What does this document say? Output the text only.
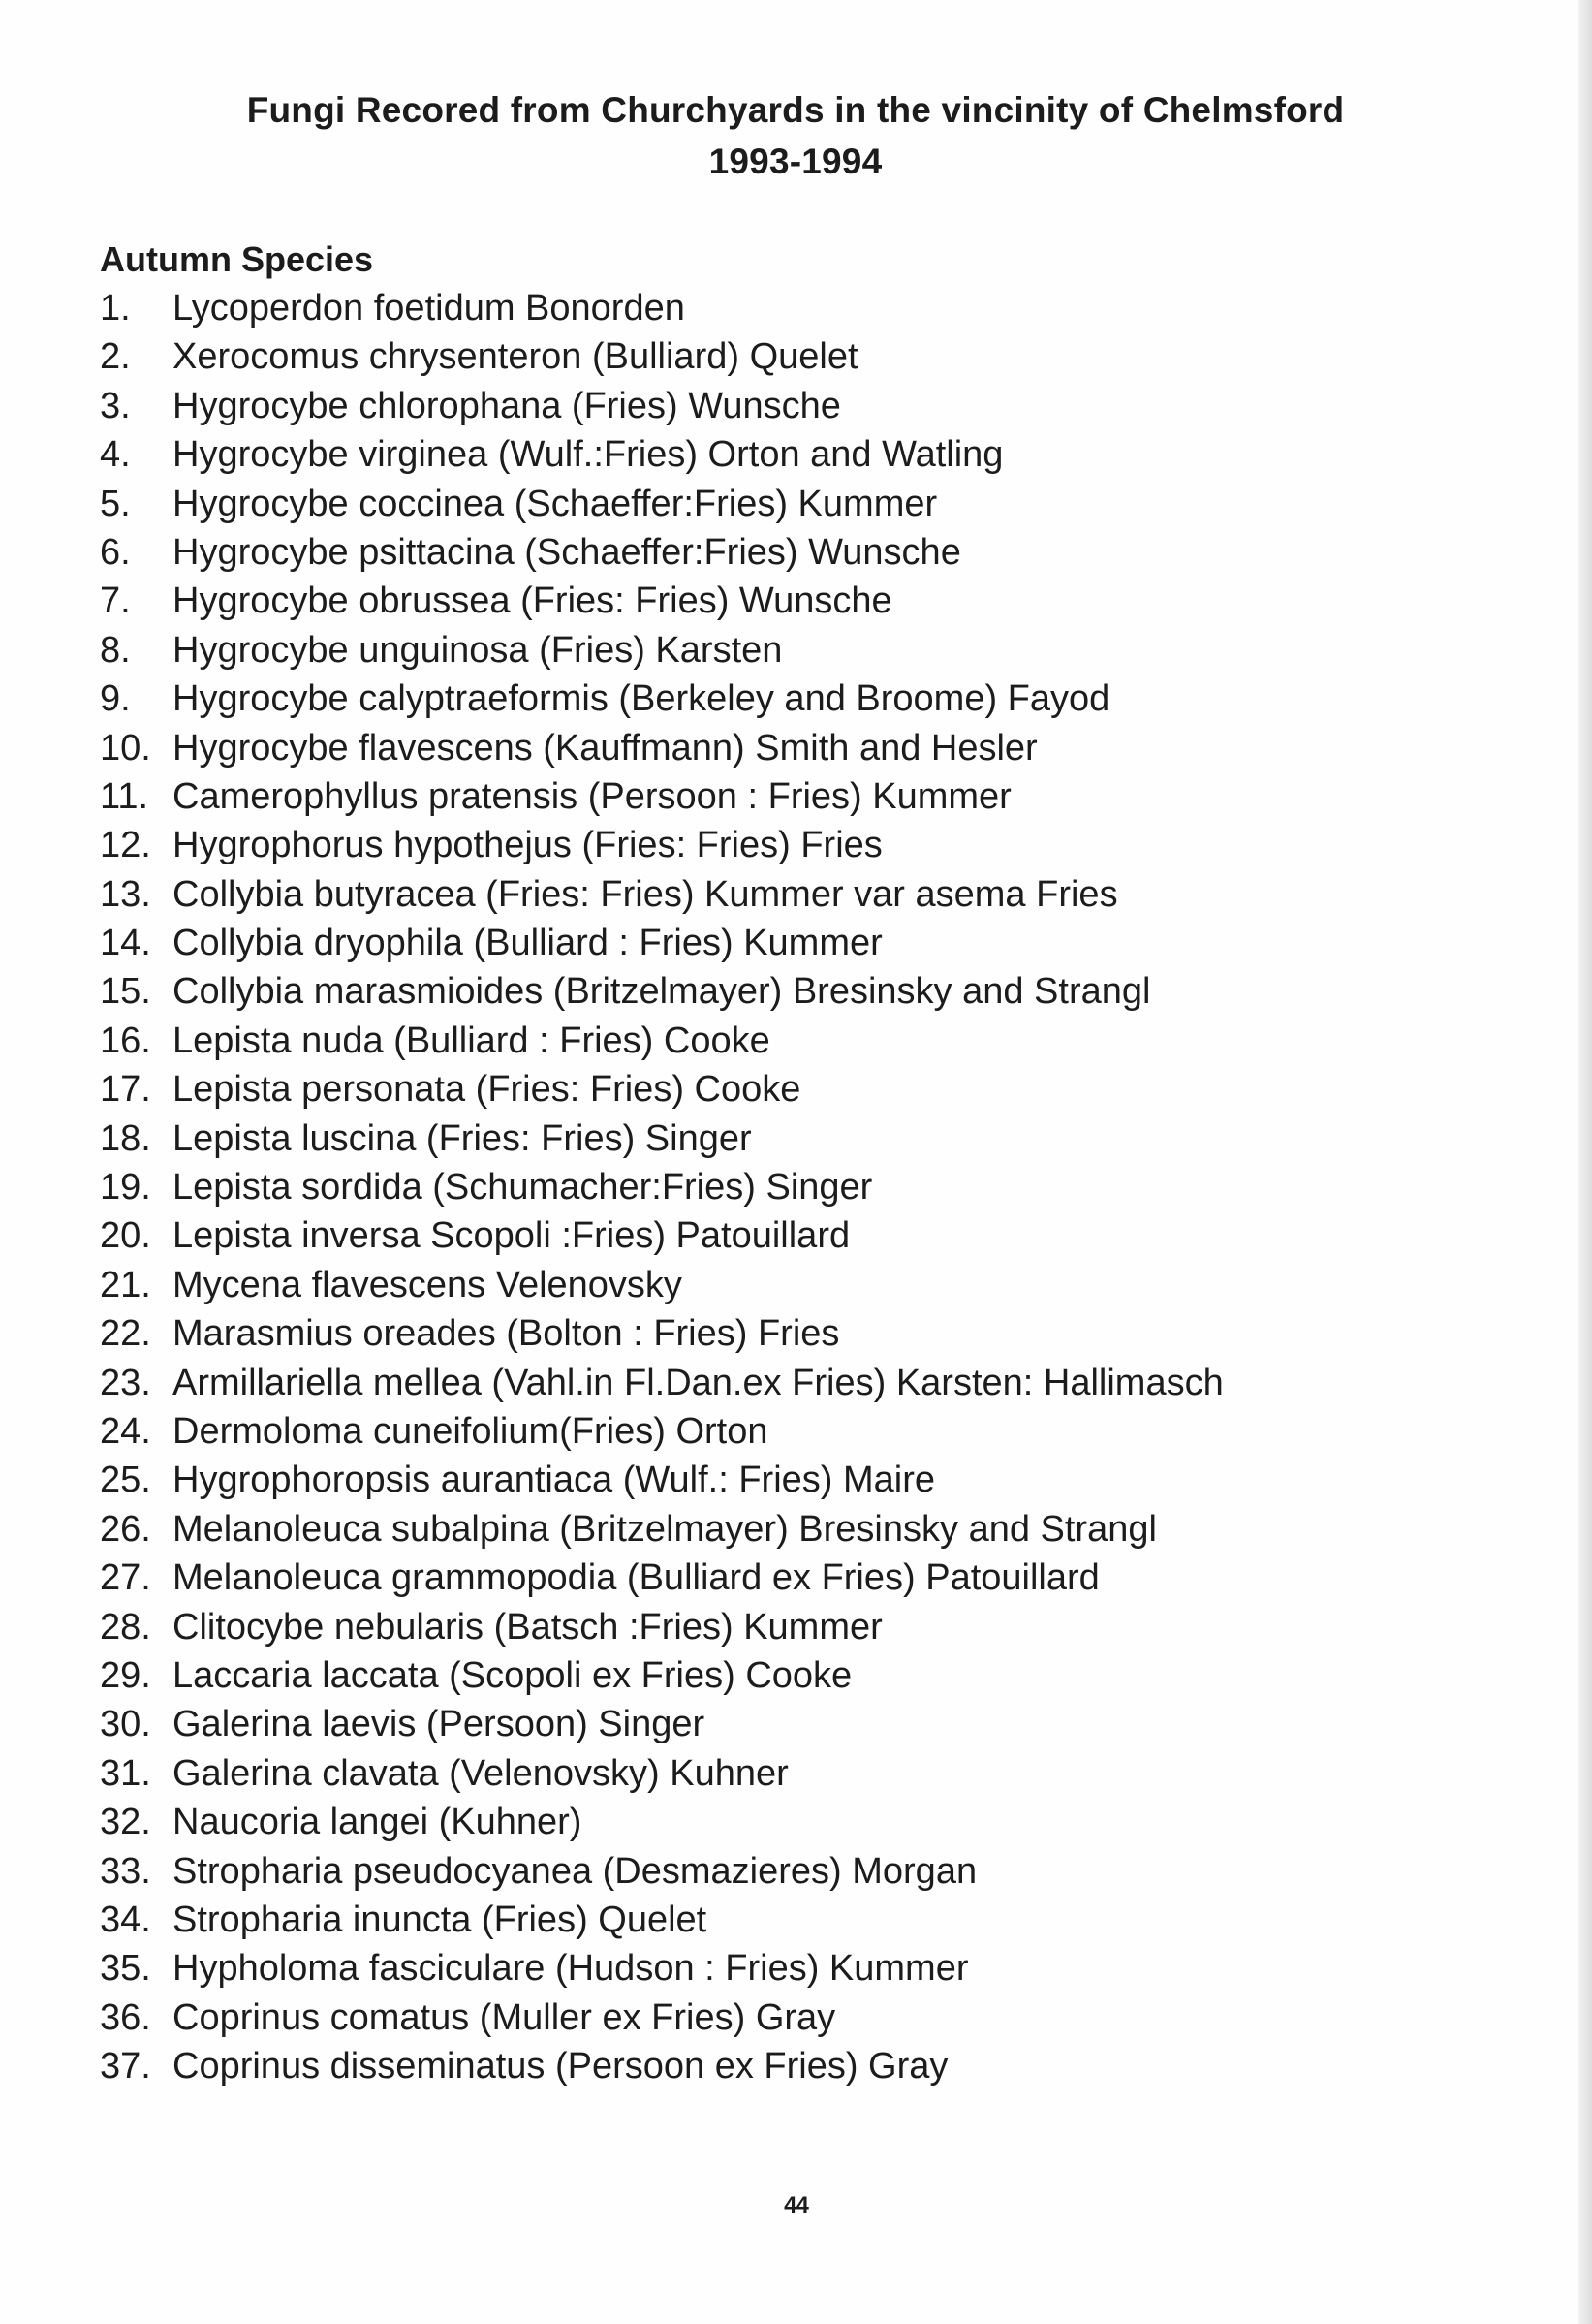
Fungi Recored from Churchyards in the vincinity of Chelmsford
1993-1994
Autumn Species
1. Lycoperdon foetidum Bonorden
2. Xerocomus chrysenteron (Bulliard) Quelet
3. Hygrocybe chlorophana (Fries) Wunsche
4. Hygrocybe virginea (Wulf.:Fries) Orton and Watling
5. Hygrocybe coccinea (Schaeffer:Fries) Kummer
6. Hygrocybe psittacina (Schaeffer:Fries) Wunsche
7. Hygrocybe obrussea (Fries: Fries) Wunsche
8. Hygrocybe unguinosa (Fries) Karsten
9. Hygrocybe calyptraeformis (Berkeley and Broome) Fayod
10. Hygrocybe flavescens (Kauffmann) Smith and Hesler
11. Camerophyllus pratensis (Persoon : Fries) Kummer
12. Hygrophorus hypothejus (Fries: Fries) Fries
13. Collybia butyracea (Fries: Fries) Kummer var asema Fries
14. Collybia dryophila (Bulliard : Fries) Kummer
15. Collybia marasmioides (Britzelmayer) Bresinsky and Strangl
16. Lepista nuda (Bulliard : Fries) Cooke
17. Lepista personata (Fries: Fries) Cooke
18. Lepista luscina (Fries: Fries) Singer
19. Lepista sordida (Schumacher:Fries) Singer
20. Lepista inversa Scopoli :Fries) Patouillard
21. Mycena flavescens Velenovsky
22. Marasmius oreades (Bolton : Fries) Fries
23. Armillariella mellea (Vahl.in Fl.Dan.ex Fries) Karsten: Hallimasch
24. Dermoloma cuneifolium(Fries) Orton
25. Hygrophoropsis aurantiaca (Wulf.: Fries) Maire
26. Melanoleuca subalpina (Britzelmayer) Bresinsky and Strangl
27. Melanoleuca grammopodia (Bulliard ex Fries) Patouillard
28. Clitocybe nebularis (Batsch :Fries) Kummer
29. Laccaria laccata (Scopoli ex Fries) Cooke
30. Galerina laevis (Persoon) Singer
31. Galerina clavata (Velenovsky) Kuhner
32. Naucoria langei (Kuhner)
33. Stropharia pseudocyanea (Desmazieres) Morgan
34. Stropharia inuncta (Fries) Quelet
35. Hypholoma fasciculare (Hudson : Fries) Kummer
36. Coprinus comatus (Muller ex Fries) Gray
37. Coprinus disseminatus (Persoon ex Fries) Gray
44
